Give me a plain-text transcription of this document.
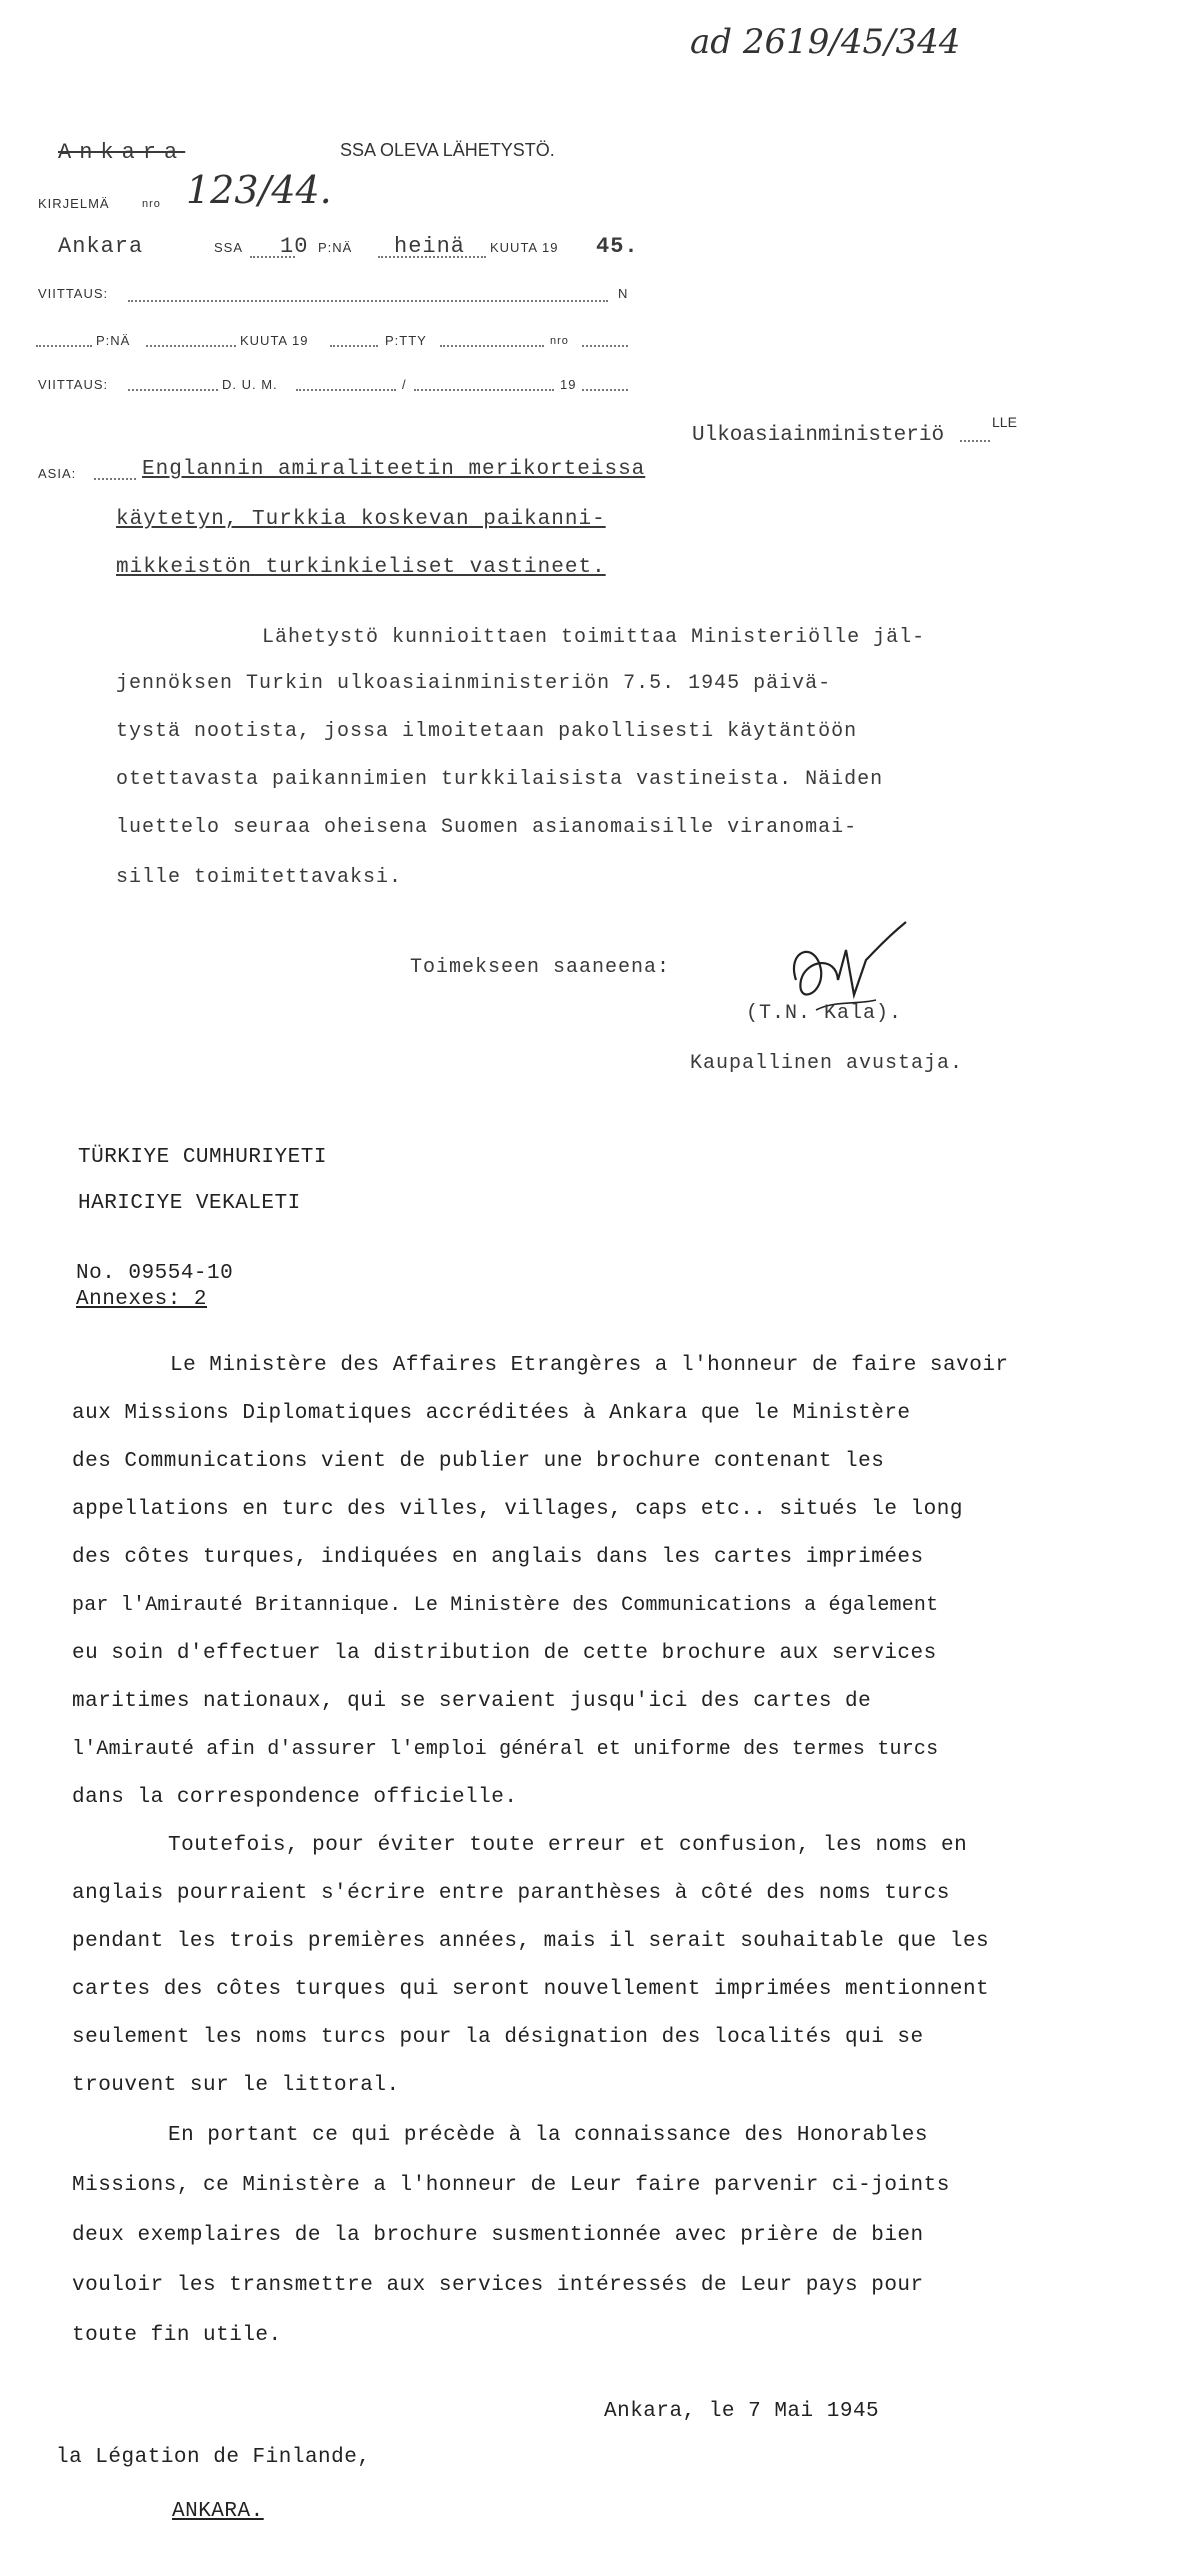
ad 2619/45/344
Ankara	SSA OLEVA LÄHETYSTÖ.
KIRJELMÄ	nro 123/44.
Ankara	SSA 10 P:NÄ heinä KUUTA 19 45.
VIITTAUS:	N
P:NÄ	KUUTA 19	P:TTY	nro
VIITTAUS:	D. U. M.	/	19
Ulkoasiainministeriö
LLE
ASIA:	Englannin amiraliteetin merikorteissa
käytetyn, Turkkia koskevan paikanni-
mikkeistön turkinkieliset vastineet.
Lähetystö kunnioittaen toimittaa Ministeriölle jäl-
jennöksen Turkin ulkoasiainministeriön 7.5. 1945 päivä-
tystä nootista, jossa ilmoitetaan pakollisesti käytäntöön
otettavasta paikannimien turkkilaisista vastineista. Näiden
luettelo seuraa oheisena Suomen asianomaisille viranomai-
sille toimitettavaksi.
Toimekseen saaneena:
(T.N. Kala).
Kaupallinen avustaja.
TÜRKIYE CUMHURIYETI
HARICIYE VEKALETI
No. 09554-10
Annexes: 2
Le Ministère des Affaires Etrangères a l'honneur de faire savoir
aux Missions Diplomatiques accréditées à Ankara que le Ministère
des Communications vient de publier une brochure contenant les
appellations en turc des villes, villages, caps etc.. situés le long
des côtes turques, indiquées en anglais dans les cartes imprimées
par l'Amirauté Britannique. Le Ministère des Communications a également
eu soin d'effectuer la distribution de cette brochure aux services
maritimes nationaux, qui se servaient jusqu'ici des cartes de
l'Amirauté afin d'assurer l'emploi général et uniforme des termes turcs
dans la correspondence officielle.
Toutefois, pour éviter toute erreur et confusion, les noms en
anglais pourraient s'écrire entre paranthèses à côté des noms turcs
pendant les trois premières années, mais il serait souhaitable que les
cartes des côtes turques qui seront nouvellement imprimées mentionnent
seulement les noms turcs pour la désignation des localités qui se
trouvent sur le littoral.
En portant ce qui précède à la connaissance des Honorables
Missions, ce Ministère a l'honneur de Leur faire parvenir ci-joints
deux exemplaires de la brochure susmentionnée avec prière de bien
vouloir les transmettre aux services intéressés de Leur pays pour
toute fin utile.
Ankara, le 7 Mai 1945
la Légation de Finlande,
ANKARA.
